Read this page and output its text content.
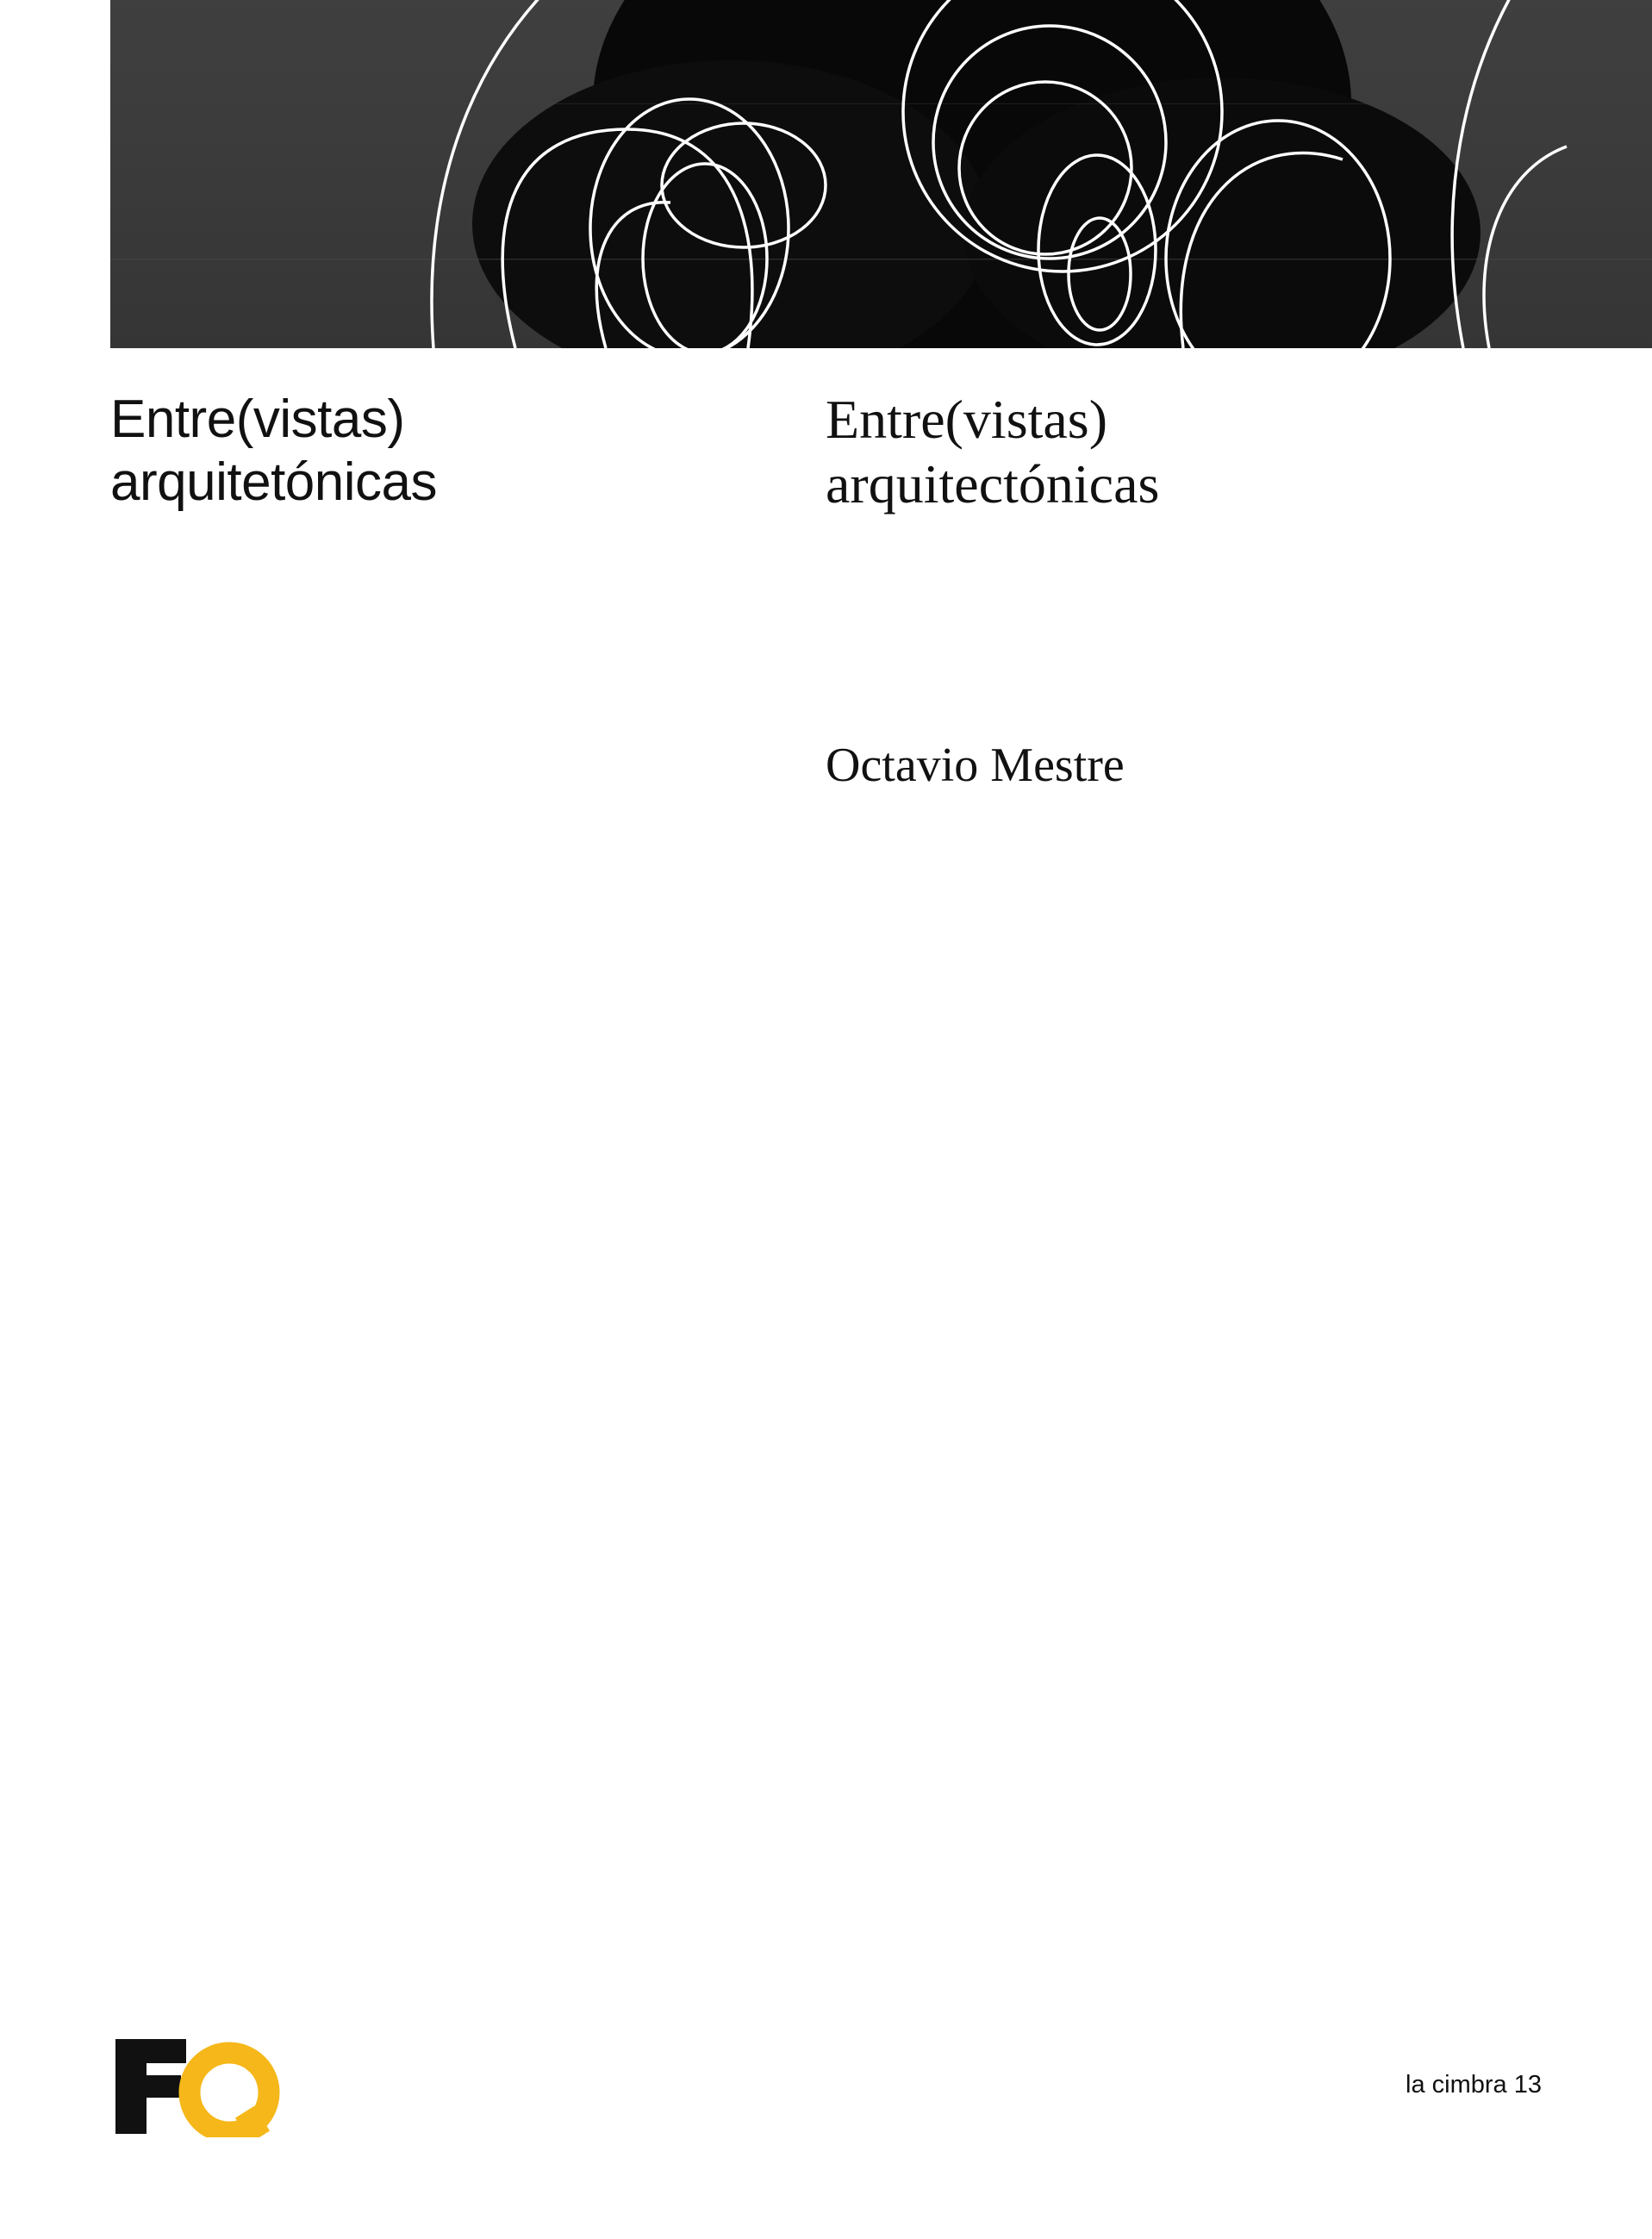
Entre(vistas)
arquitetónicas
Entre(vistas)
arquitectónicas
Octavio Mestre
la cimbra 13
